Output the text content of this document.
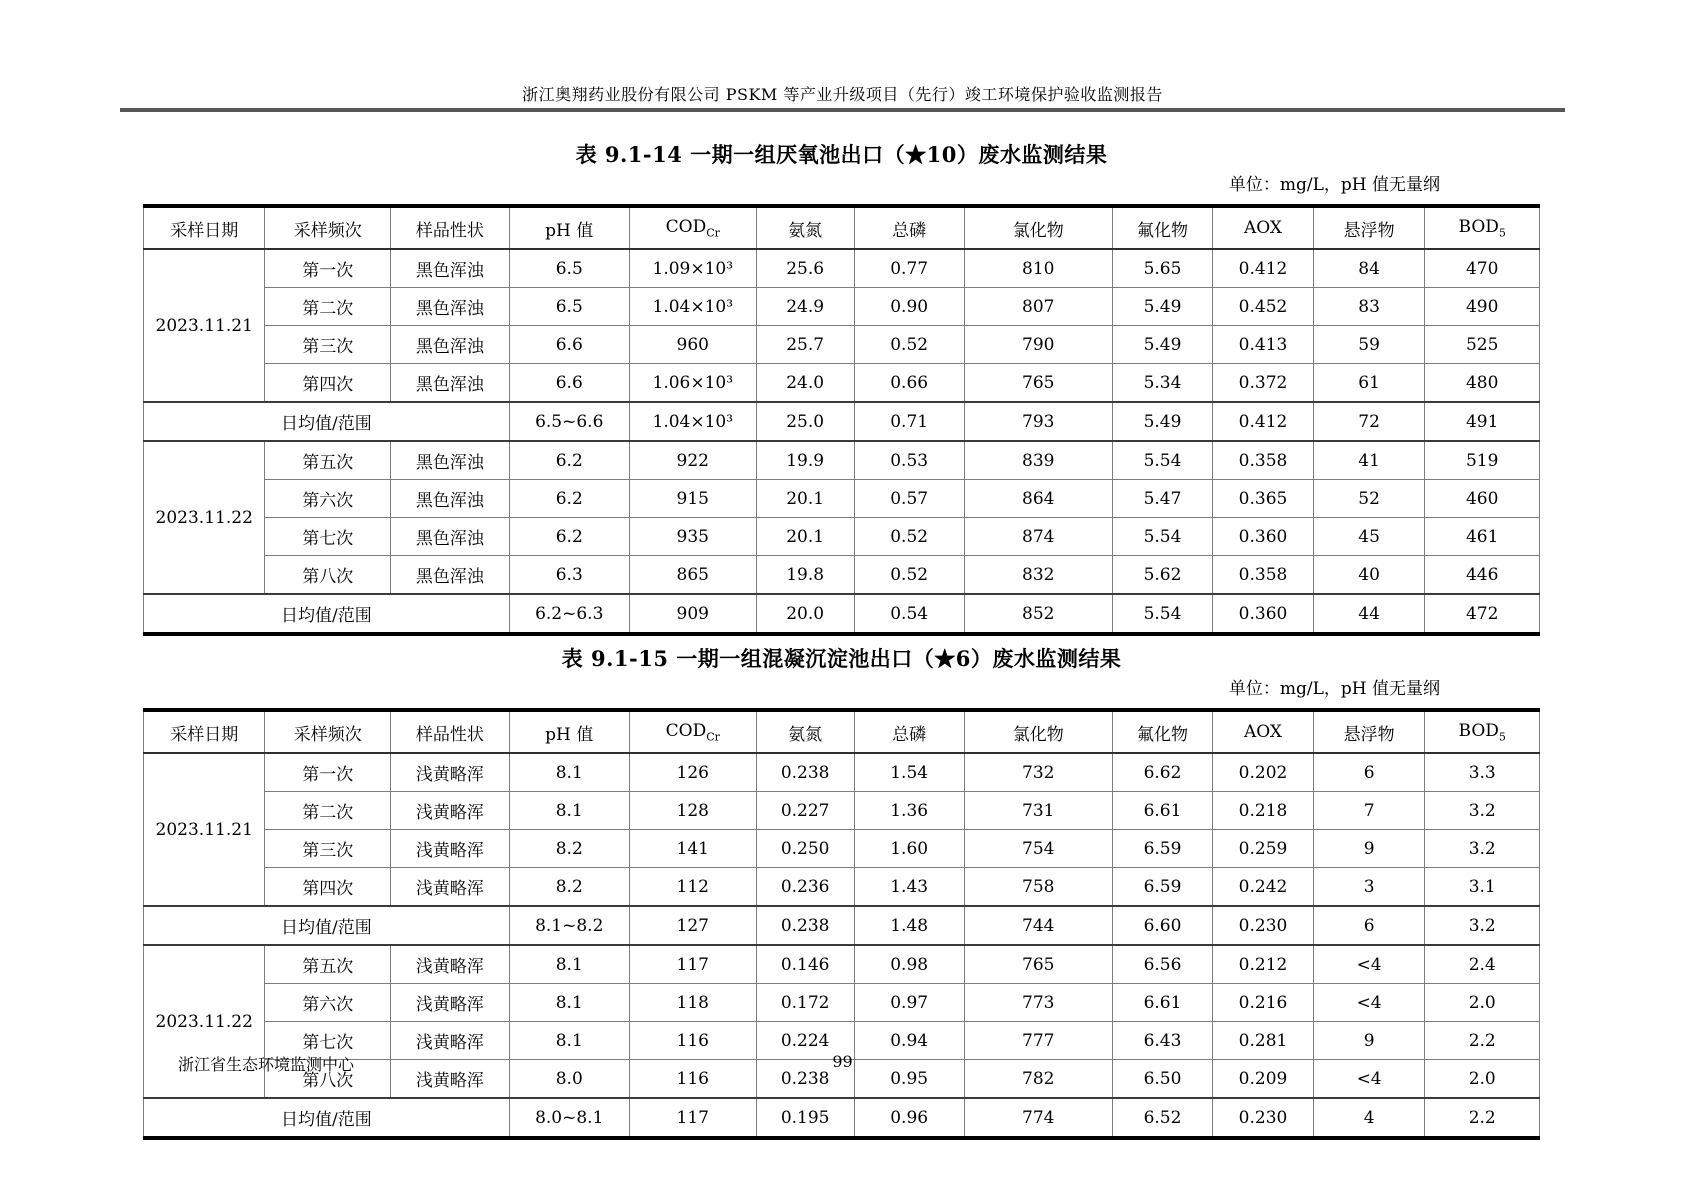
浙江奥翔药业股份有限公司 PSKM 等产业升级项目（先行）竣工环境保护验收监测报告
表 9.1-14 一期一组厌氧池出口（★10）废水监测结果
单位：mg/L，pH 值无量纲
采样日期	采样频次	样品性状	pH 值	$COD_{Cr}$	氨氮	总磷	氯化物	氟化物	AOX	悬浮物	$BOD_5$
2023.11.21	第一次	黑色浑浊	6.5	1.09×10³	25.6	0.77	810	5.65	0.412	84	470
	第二次	黑色浑浊	6.5	1.04×10³	24.9	0.90	807	5.49	0.452	83	490
	第三次	黑色浑浊	6.6	960	25.7	0.52	790	5.49	0.413	59	525
	第四次	黑色浑浊	6.6	1.06×10³	24.0	0.66	765	5.34	0.372	61	480
日均值/范围			6.5~6.6	1.04×10³	25.0	0.71	793	5.49	0.412	72	491
2023.11.22	第五次	黑色浑浊	6.2	922	19.9	0.53	839	5.54	0.358	41	519
	第六次	黑色浑浊	6.2	915	20.1	0.57	864	5.47	0.365	52	460
	第七次	黑色浑浊	6.2	935	20.1	0.52	874	5.54	0.360	45	461
	第八次	黑色浑浊	6.3	865	19.8	0.52	832	5.62	0.358	40	446
日均值/范围			6.2~6.3	909	20.0	0.54	852	5.54	0.360	44	472
表 9.1-15 一期一组混凝沉淀池出口（★6）废水监测结果
单位：mg/L，pH 值无量纲
采样日期	采样频次	样品性状	pH 值	$COD_{Cr}$	氨氮	总磷	氯化物	氟化物	AOX	悬浮物	$BOD_5$
2023.11.21	第一次	浅黄略浑	8.1	126	0.238	1.54	732	6.62	0.202	6	3.3
	第二次	浅黄略浑	8.1	128	0.227	1.36	731	6.61	0.218	7	3.2
	第三次	浅黄略浑	8.2	141	0.250	1.60	754	6.59	0.259	9	3.2
	第四次	浅黄略浑	8.2	112	0.236	1.43	758	6.59	0.242	3	3.1
日均值/范围			8.1~8.2	127	0.238	1.48	744	6.60	0.230	6	3.2
2023.11.22	第五次	浅黄略浑	8.1	117	0.146	0.98	765	6.56	0.212	<4	2.4
	第六次	浅黄略浑	8.1	118	0.172	0.97	773	6.61	0.216	<4	2.0
	第七次	浅黄略浑	8.1	116	0.224	0.94	777	6.43	0.281	9	2.2
	第八次	浅黄略浑	8.0	116	0.238	0.95	782	6.50	0.209	<4	2.0
日均值/范围			8.0~8.1	117	0.195	0.96	774	6.52	0.230	4	2.2
浙江省生态环境监测中心	99
